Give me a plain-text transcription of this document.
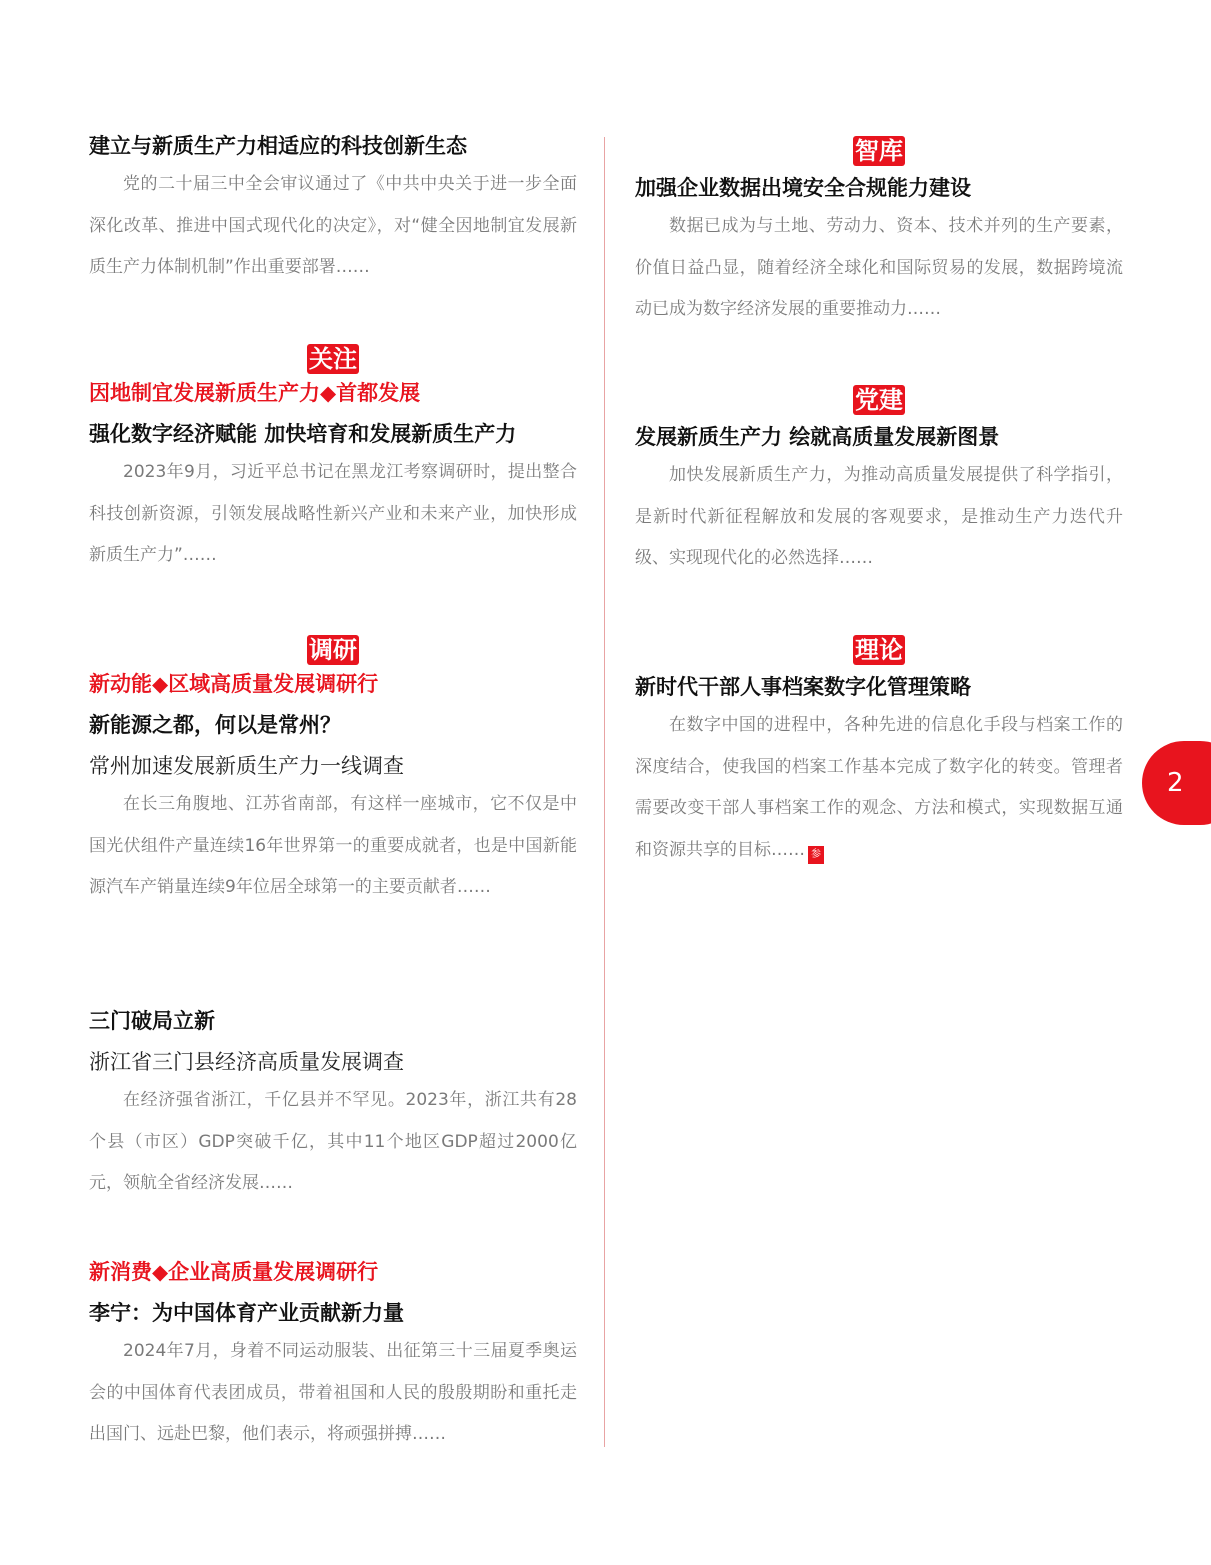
建立与新质生产力相适应的科技创新生态
党的二十届三中全会审议通过了《中共中央关于进一步全面深化改革、推进中国式现代化的决定》，对“健全因地制宜发展新质生产力体制机制”作出重要部署……
关注
因地制宜发展新质生产力◆首都发展
强化数字经济赋能 加快培育和发展新质生产力
2023年9月，习近平总书记在黑龙江考察调研时，提出整合科技创新资源，引领发展战略性新兴产业和未来产业，加快形成新质生产力”……
调研
新动能◆区域高质量发展调研行
新能源之都，何以是常州？
常州加速发展新质生产力一线调查
在长三角腹地、江苏省南部，有这样一座城市，它不仅是中国光伏组件产量连续16年世界第一的重要成就者，也是中国新能源汽车产销量连续9年位居全球第一的主要贡献者……
三门破局立新
浙江省三门县经济高质量发展调查
在经济强省浙江，千亿县并不罕见。2023年，浙江共有28个县（市区）GDP突破千亿，其中11个地区GDP超过2000亿元，领航全省经济发展……
新消费◆企业高质量发展调研行
李宁：为中国体育产业贡献新力量
2024年7月，身着不同运动服装、出征第三十三届夏季奥运会的中国体育代表团成员，带着祖国和人民的殷殷期盼和重托走出国门、远赴巴黎，他们表示，将顽强拼搏……
智库
加强企业数据出境安全合规能力建设
数据已成为与土地、劳动力、资本、技术并列的生产要素，价值日益凸显，随着经济全球化和国际贸易的发展，数据跨境流动已成为数字经济发展的重要推动力……
党建
发展新质生产力 绘就高质量发展新图景
加快发展新质生产力，为推动高质量发展提供了科学指引，是新时代新征程解放和发展的客观要求，是推动生产力迭代升级、实现现代化的必然选择……
理论
新时代干部人事档案数字化管理策略
在数字中国的进程中，各种先进的信息化手段与档案工作的深度结合，使我国的档案工作基本完成了数字化的转变。管理者需要改变干部人事档案工作的观念、方法和模式，实现数据互通和资源共享的目标…… 参
2
